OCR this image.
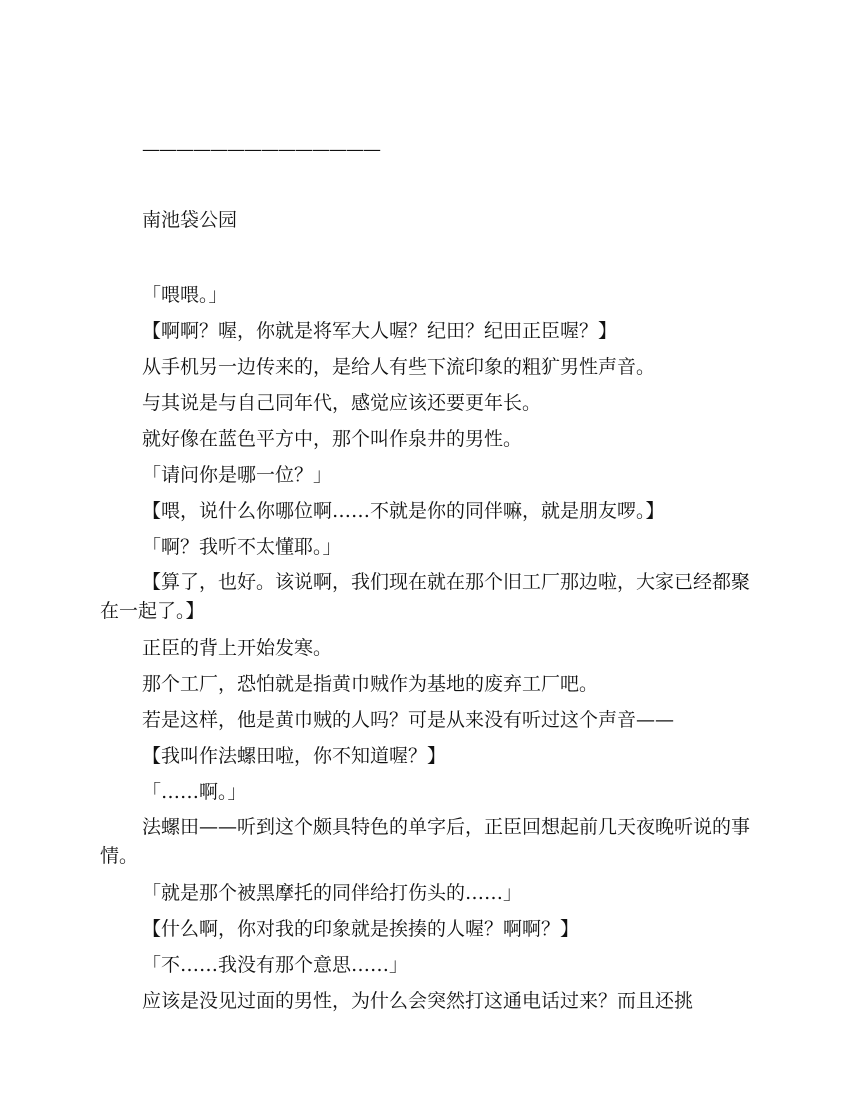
——————————————
南池袋公园

「喂喂。」

【啊啊？喔，你就是将军大人喔？纪田？纪田正臣喔？】

从手机另一边传来的，是给人有些下流印象的粗犷男性声音。

与其说是与自己同年代，感觉应该还要更年长。

就好像在蓝色平方中，那个叫作泉井的男性。

「请问你是哪一位？」

【喂，说什么你哪位啊……不就是你的同伴嘛，就是朋友啰。】

「啊？我听不太懂耶。」

【算了，也好。该说啊，我们现在就在那个旧工厂那边啦，大家已经都聚在一起了。】

正臣的背上开始发寒。

那个工厂，恐怕就是指黄巾贼作为基地的废弃工厂吧。

若是这样，他是黄巾贼的人吗？可是从来没有听过这个声音——

【我叫作法螺田啦，你不知道喔？】

「……啊。」

法螺田——听到这个颇具特色的单字后，正臣回想起前几天夜晚听说的事情。

「就是那个被黑摩托的同伴给打伤头的……」

【什么啊，你对我的印象就是挨揍的人喔？啊啊？】

「不……我没有那个意思……」

应该是没见过面的男性，为什么会突然打这通电话过来？而且还挑
